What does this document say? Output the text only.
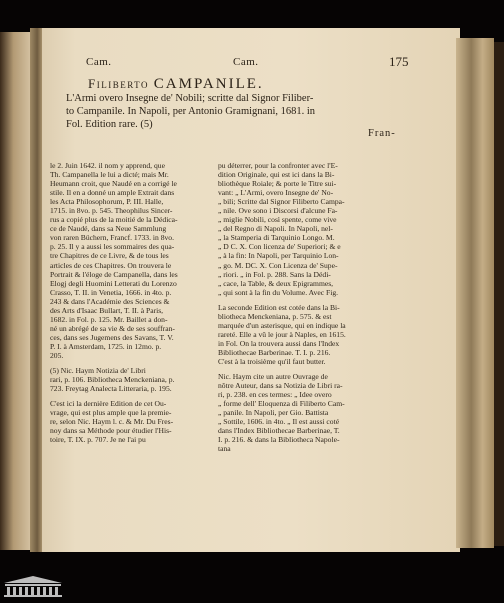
Cam.	Cam.	175
Filiberto CAMPANILE.
L'Armi overo Insegne de' Nobili; scritte dal Signor Filiber-
to Campanile. In Napoli, per Antonio Gramignani, 1681. in
Fol. Edition rare. (5)
Fran-

le 2. Juin 1642. il nom y apprend, que
Th. Campanella le lui a dicté; mais Mr.
Heumann croit, que Naudé en a corrigé le
stile. Il en a donné un ample Extrait dans
les Acta Philosophorum, P. III. Halle,
1715. in 8vo. p. 545. Theophilus Sincer-
rus a copié plus de la moitié de la Dédica-
ce de Naudé, dans sa Neue Sammlung
von raren Büchern, Francf. 1733. in 8vo.
p. 25. Il y a aussi les sommaires des qua-
tre Chapitres de ce Livre, & de tous les
articles de ces Chapitres. On trouvera le
Portrait & l'éloge de Campanella, dans les
Elogj degli Huomini Letterati du Lorenzo
Crasso, T. II. in Venetia, 1666. in 4to. p.
243 & dans l'Académie des Sciences &
des Arts d'Isaac Bullart, T. II. à Paris,
1682. in Fol. p. 125. Mr. Baillet a don-
né un abrégé de sa vie & de ses souffran-
ces, dans ses Jugemens des Savans, T. V.
P. I. à Amsterdam, 1725. in 12mo. p.
205.

(5) Nic. Haym Notizia de' Libri
rari, p. 106. Bibliotheca Menckeniana, p.
723. Freytag Analecta Litteraria, p. 195.

C'est ici la dernière Edition de cet Ou-
vrage, qui est plus ample que la premie-
re, selon Nic. Haym l. c. & Mr. Du Fres-
noy dans sa Méthode pour étudier l'His-
toire, T. IX. p. 707. Je ne l'ai pu

pu déterrer, pour la confronter avec l'E-
dition Originale, qui est ici dans la Bi-
bliothèque Roiale; & porte le Titre sui-
vant: „ L'Armi, overo Insegne de' No-
„ bili; Scritte dal Signor Filiberto Campa-
„ nile. Ove sono i Discorsi d'alcune Fa-
„ miglie Nobili, così spente, come vive
„ del Regno di Napoli. In Napoli, nel-
„ la Stamperia di Tarquinio Longo. M.
„ D C. X. Con licenza de' Superiori; & e
„ à la fin: In Napoli, per Tarquinio Lon-
„ go. M. DC. X. Con Licenza de' Supe-
„ riori. „ in Fol. p. 288. Sans la Dédi-
„ cace, la Table, & deux Epigrammes,
„ qui sont à la fin du Volume. Avec Fig.

La seconde Edition est cotée dans la Bi-
bliotheca Menckeniana, p. 575. & est
marquée d'un asterisque, qui en indique la
rareté. Elle a vû le jour à Naples, en 1615.
in Fol. On la trouvera aussi dans l'Index
Bibliothecae Barberinae. T. I. p. 216.
C'est à la troisième qu'il faut butter.

Nic. Haym cite un autre Ouvrage de
nôtre Auteur, dans sa Notizia de Libri ra-
ri, p. 238. en ces termes: „ Idee overo
„ forme dell' Eloquenza di Filiberto Cam-
„ panile. In Napoli, per Gio. Battista
„ Sottile, 1606. in 4to. „ Il est aussi coté
dans l'Index Bibliothecae Barberinae, T.
I. p. 216. & dans la Bibliotheca Napole-
tana
